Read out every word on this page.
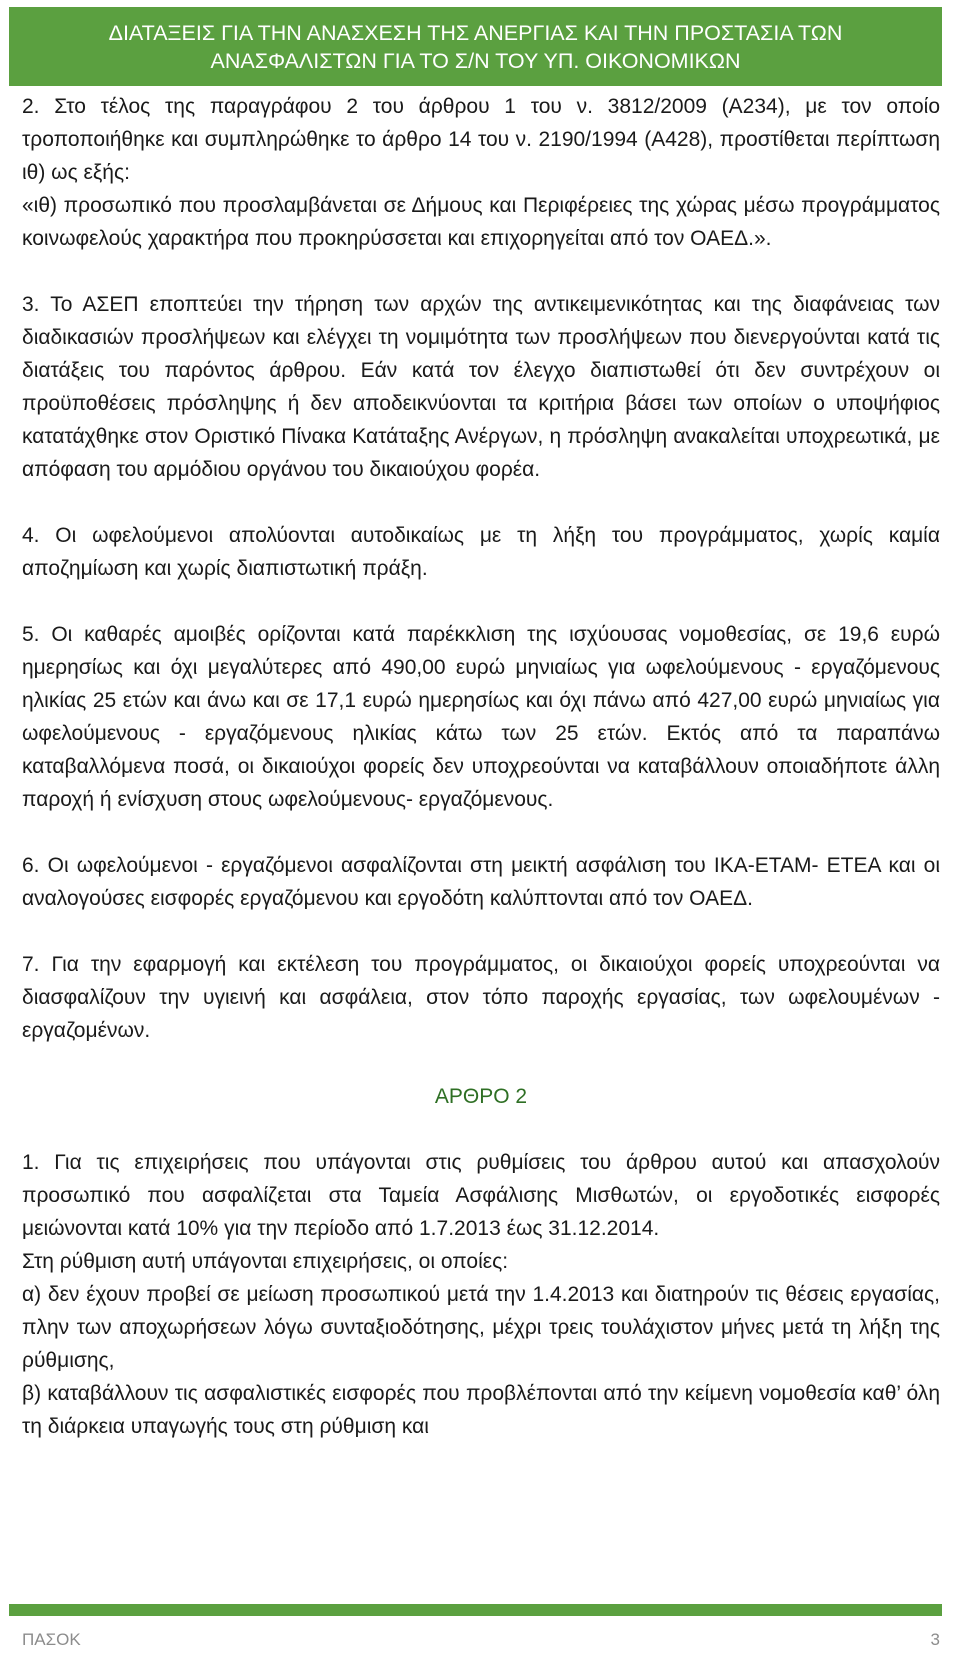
ΔΙΑΤΑΞΕΙΣ ΓΙΑ ΤΗΝ ΑΝΑΣΧΕΣΗ ΤΗΣ ΑΝΕΡΓΙΑΣ ΚΑΙ ΤΗΝ ΠΡΟΣΤΑΣΙΑ ΤΩΝ
ΑΝΑΣΦΑΛΙΣΤΩΝ ΓΙΑ ΤΟ Σ/Ν ΤΟΥ ΥΠ. ΟΙΚΟΝΟΜΙΚΩΝ

2. Στο τέλος της παραγράφου 2 του άρθρου 1 του ν. 3812/2009 (Α234), με τον οποίο τροποποιήθηκε και συμπληρώθηκε το άρθρο 14 του ν. 2190/1994 (Α428), προστίθεται περίπτωση ιθ) ως εξής:

«ιθ) προσωπικό που προσλαμβάνεται σε Δήμους και Περιφέρειες της χώρας μέσω προγράμματος κοινωφελούς χαρακτήρα που προκηρύσσεται και επιχορηγείται από τον ΟΑΕΔ.».

3. Το ΑΣΕΠ εποπτεύει την τήρηση των αρχών της αντικειμενικότητας και της διαφάνειας των διαδικασιών προσλήψεων και ελέγχει τη νομιμότητα των προσλήψεων που διενεργούνται κατά τις διατάξεις του παρόντος άρθρου. Εάν κατά τον έλεγχο διαπιστωθεί ότι δεν συντρέχουν οι προϋποθέσεις πρόσληψης ή δεν αποδεικνύονται τα κριτήρια βάσει των οποίων ο υποψήφιος κατατάχθηκε στον Οριστικό Πίνακα Κατάταξης Ανέργων, η πρόσληψη ανακαλείται υποχρεωτικά, με απόφαση του αρμόδιου οργάνου του δικαιούχου φορέα.

4. Οι ωφελούμενοι απολύονται αυτοδικαίως με τη λήξη του προγράμματος, χωρίς καμία αποζημίωση και χωρίς διαπιστωτική πράξη.

5. Οι καθαρές αμοιβές ορίζονται κατά παρέκκλιση της ισχύουσας νομοθεσίας, σε 19,6 ευρώ ημερησίως και όχι μεγαλύτερες από 490,00 ευρώ μηνιαίως για ωφελούμενους - εργαζόμενους ηλικίας 25 ετών και άνω και σε 17,1 ευρώ ημερησίως και όχι πάνω από 427,00 ευρώ μηνιαίως για ωφελούμενους - εργαζόμενους ηλικίας κάτω των 25 ετών. Εκτός από τα παραπάνω καταβαλλόμενα ποσά, οι δικαιούχοι φορείς δεν υποχρεούνται να καταβάλλουν οποιαδήποτε άλλη παροχή ή ενίσχυση στους ωφελούμενους- εργαζόμενους.

6. Οι ωφελούμενοι - εργαζόμενοι ασφαλίζονται στη μεικτή ασφάλιση του ΙΚΑ-ΕΤΑΜ- ΕΤΕΑ και οι αναλογούσες εισφορές εργαζόμενου και εργοδότη καλύπτονται από τον ΟΑΕΔ.

7. Για την εφαρμογή και εκτέλεση του προγράμματος, οι δικαιούχοι φορείς υποχρεούνται να διασφαλίζουν την υγιεινή και ασφάλεια, στον τόπο παροχής εργασίας, των ωφελουμένων - εργαζομένων.

ΑΡΘΡΟ 2

1. Για τις επιχειρήσεις που υπάγονται στις ρυθμίσεις του άρθρου αυτού και απασχολούν προσωπικό που ασφαλίζεται στα Ταμεία Ασφάλισης Μισθωτών, οι εργοδοτικές εισφορές μειώνονται κατά 10% για την περίοδο από 1.7.2013 έως 31.12.2014.

Στη ρύθμιση αυτή υπάγονται επιχειρήσεις, οι οποίες:

α) δεν έχουν προβεί σε μείωση προσωπικού μετά την 1.4.2013 και διατηρούν τις θέσεις εργασίας, πλην των αποχωρήσεων λόγω συνταξιοδότησης, μέχρι τρεις τουλάχιστον μήνες μετά τη λήξη της ρύθμισης,

β) καταβάλλουν τις ασφαλιστικές εισφορές που προβλέπονται από την κείμενη νομοθεσία καθ’ όλη τη διάρκεια υπαγωγής τους στη ρύθμιση και

ΠΑΣΟΚ	3
